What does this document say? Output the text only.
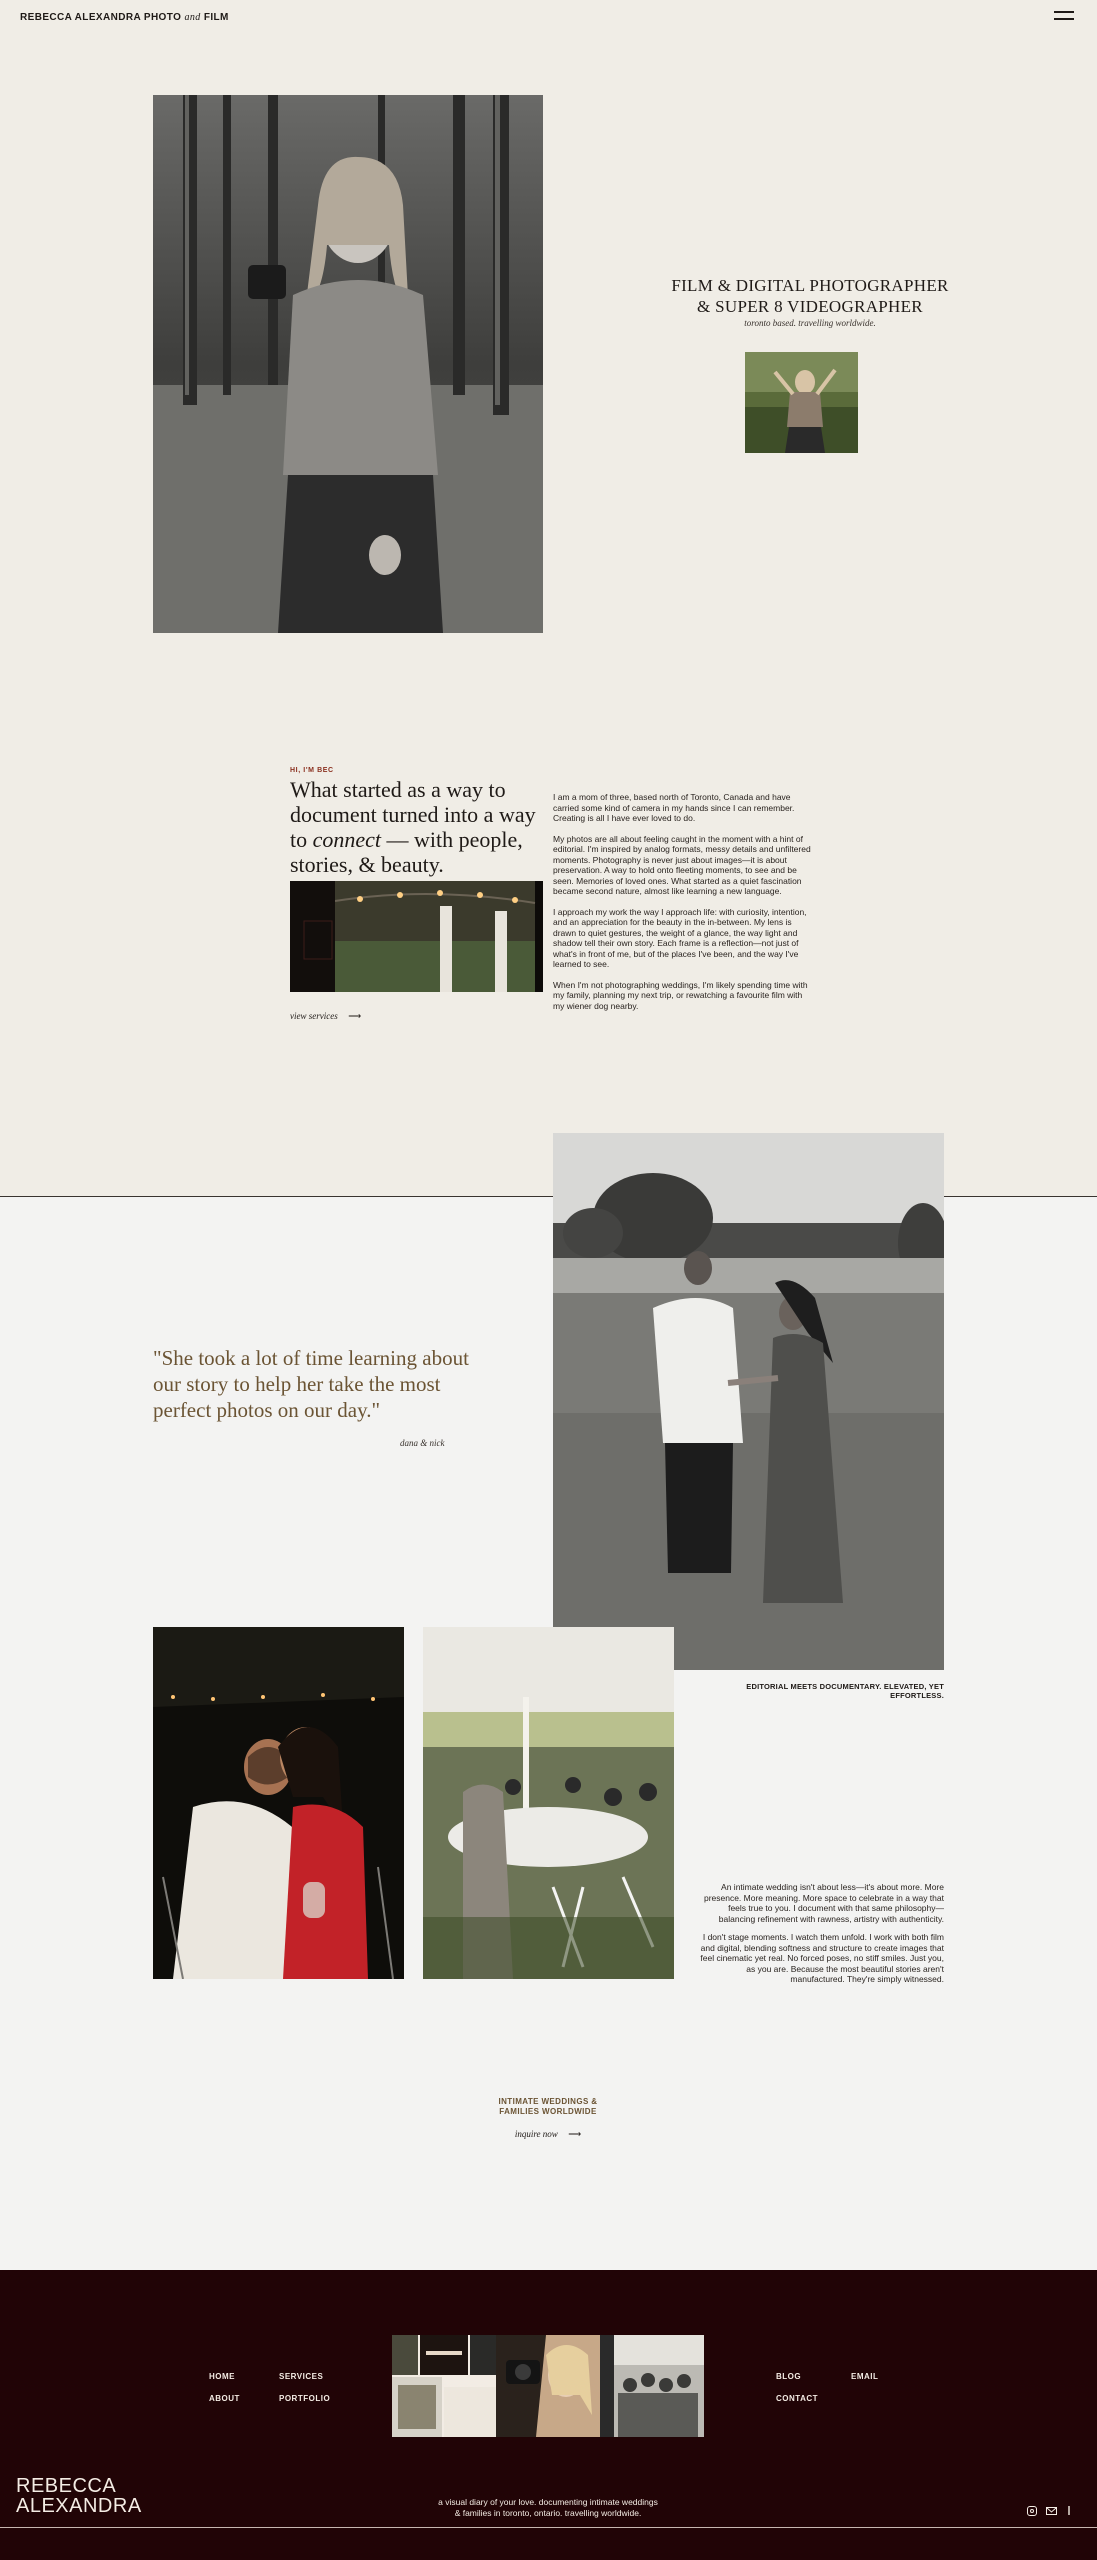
REBECCA ALEXANDRA PHOTO and FILM
FILM & DIGITAL PHOTOGRAPHER
& SUPER 8 VIDEOGRAPHER
toronto based. travelling worldwide.
HI, I'M BEC
What started as a way to document turned into a way to connect — with people, stories, & beauty.
view services ⟶

I am a mom of three, based north of Toronto, Canada and have carried some kind of camera in my hands since I can remember. Creating is all I have ever loved to do.

My photos are all about feeling caught in the moment with a hint of editorial. I'm inspired by analog formats, messy details and unfiltered moments. Photography is never just about images—it is about preservation. A way to hold onto fleeting moments, to see and be seen. Memories of loved ones. What started as a quiet fascination became second nature, almost like learning a new language.

I approach my work the way I approach life: with curiosity, intention, and an appreciation for the beauty in the in-between. My lens is drawn to quiet gestures, the weight of a glance, the way light and shadow tell their own story. Each frame is a reflection—not just of what's in front of me, but of the places I've been, and the way I've learned to see.

When I'm not photographing weddings, I'm likely spending time with my family, planning my next trip, or rewatching a favourite film with my wiener dog nearby.

"She took a lot of time learning about our story to help her take the most perfect photos on our day."
dana & nick
EDITORIAL MEETS DOCUMENTARY. ELEVATED, YET EFFORTLESS.

An intimate wedding isn't about less—it's about more. More presence. More meaning. More space to celebrate in a way that feels true to you. I document with that same philosophy—balancing refinement with rawness, artistry with authenticity.

I don't stage moments. I watch them unfold. I work with both film and digital, blending softness and structure to create images that feel cinematic yet real. No forced poses, no stiff smiles. Just you, as you are. Because the most beautiful stories aren't manufactured. They're simply witnessed.

INTIMATE WEDDINGS &
FAMILIES WORLDWIDE
inquire now ⟶
HOME	SERVICES
ABOUT	PORTFOLIO
BLOG	EMAIL
CONTACT
REBECCA
ALEXANDRA	a visual diary of your love. documenting intimate weddings
& families in toronto, ontario. travelling worldwide.
